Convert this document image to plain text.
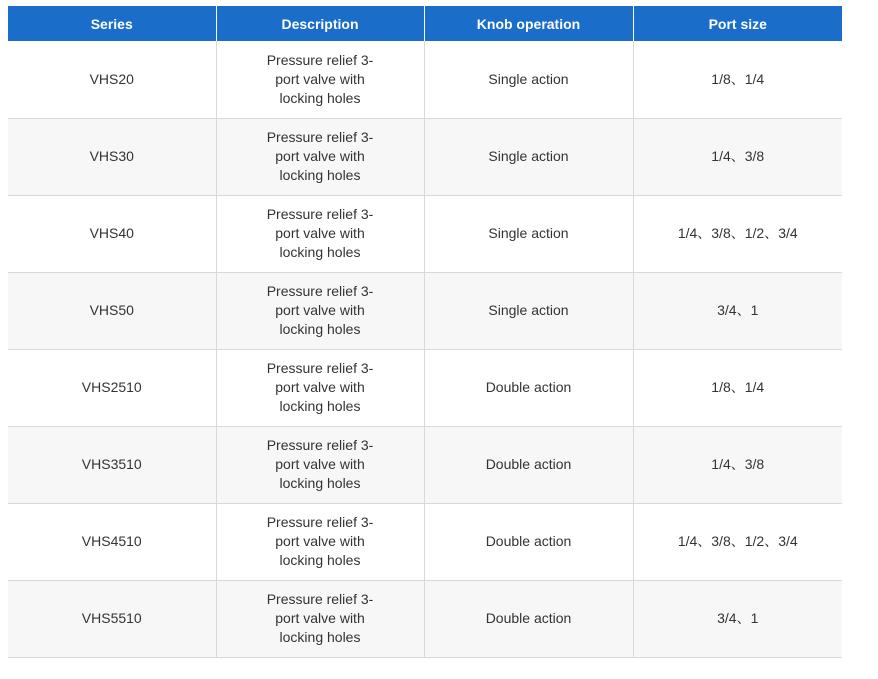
Series	Description	Knob operation	Port size
VHS20	Pressure relief 3-port valve with locking holes	Single action	1/8、1/4
VHS30	Pressure relief 3-port valve with locking holes	Single action	1/4、3/8
VHS40	Pressure relief 3-port valve with locking holes	Single action	1/4、3/8、1/2、3/4
VHS50	Pressure relief 3-port valve with locking holes	Single action	3/4、1
VHS2510	Pressure relief 3-port valve with locking holes	Double action	1/8、1/4
VHS3510	Pressure relief 3-port valve with locking holes	Double action	1/4、3/8
VHS4510	Pressure relief 3-port valve with locking holes	Double action	1/4、3/8、1/2、3/4
VHS5510	Pressure relief 3-port valve with locking holes	Double action	3/4、1
